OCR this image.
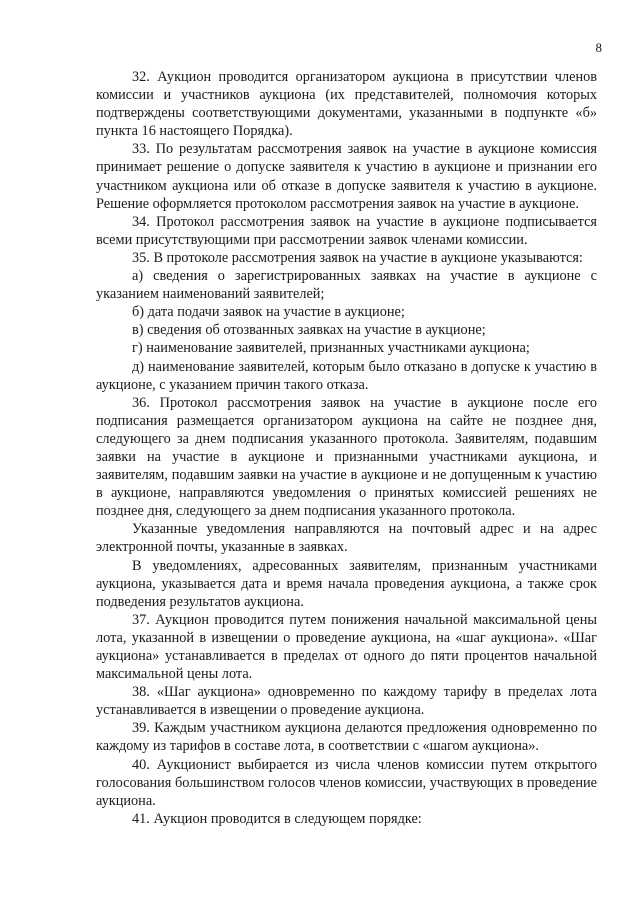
8

32. Аукцион проводится организатором аукциона в присутствии членов комиссии и участников аукциона (их представителей, полномочия которых подтверждены соответствующими документами, указанными в подпункте «б» пункта 16 настоящего Порядка).

33. По результатам рассмотрения заявок на участие в аукционе комиссия принимает решение о допуске заявителя к участию в аукционе и признании его участником аукциона или об отказе в допуске заявителя к участию в аукционе. Решение оформляется протоколом рассмотрения заявок на участие в аукционе.

34. Протокол рассмотрения заявок на участие в аукционе подписывается всеми присутствующими при рассмотрении заявок членами комиссии.

35. В протоколе рассмотрения заявок на участие в аукционе указываются:

а) сведения о зарегистрированных заявках на участие в аукционе с указанием наименований заявителей;

б) дата подачи заявок на участие в аукционе;

в) сведения об отозванных заявках на участие в аукционе;

г) наименование заявителей, признанных участниками аукциона;

д) наименование заявителей, которым было отказано в допуске к участию в аукционе, с указанием причин такого отказа.

36. Протокол рассмотрения заявок на участие в аукционе после его подписания размещается организатором аукциона на сайте не позднее дня, следующего за днем подписания указанного протокола. Заявителям, подавшим заявки на участие в аукционе и признанными участниками аукциона, и заявителям, подавшим заявки на участие в аукционе и не допущенным к участию в аукционе, направляются уведомления о принятых комиссией решениях не позднее дня, следующего за днем подписания указанного протокола.

Указанные уведомления направляются на почтовый адрес и на адрес электронной почты, указанные в заявках.

В уведомлениях, адресованных заявителям, признанным участниками аукциона, указывается дата и время начала проведения аукциона, а также срок подведения результатов аукциона.

37. Аукцион проводится путем понижения начальной максимальной цены лота, указанной в извещении о проведение аукциона, на «шаг аукциона». «Шаг аукциона» устанавливается в пределах от одного до пяти процентов начальной максимальной цены лота.

38. «Шаг аукциона» одновременно по каждому тарифу в пределах лота устанавливается в извещении о проведение аукциона.

39. Каждым участником аукциона делаются предложения одновременно по каждому из тарифов в составе лота, в соответствии с «шагом аукциона».

40. Аукционист выбирается из числа членов комиссии путем открытого голосования большинством голосов членов комиссии, участвующих в проведение аукциона.

41. Аукцион проводится в следующем порядке:
